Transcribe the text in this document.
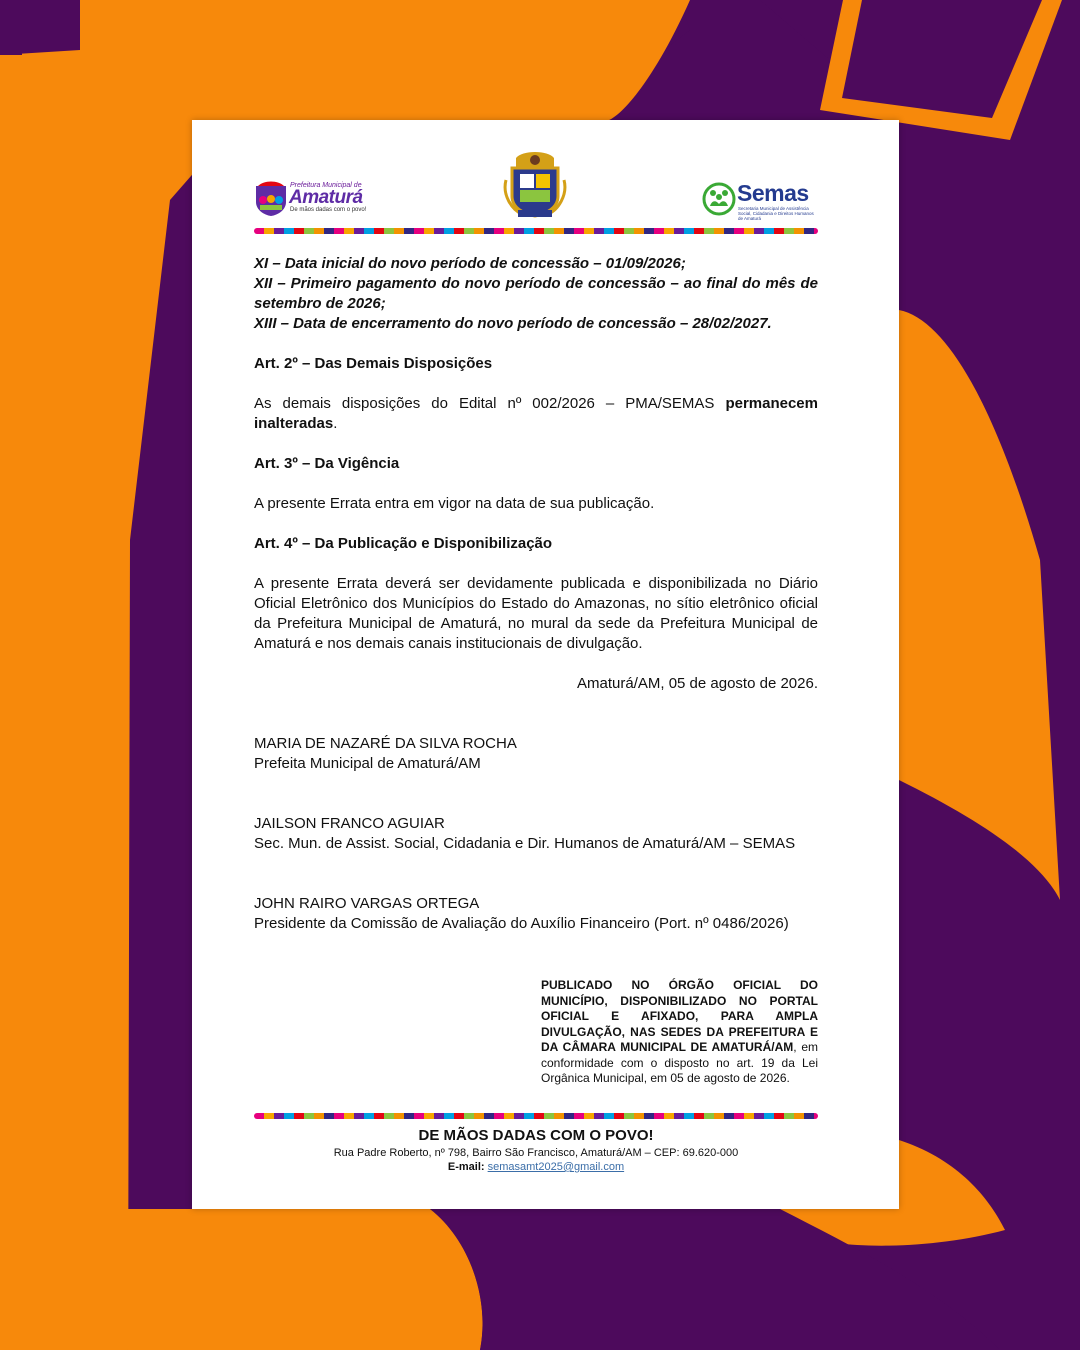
Prefeitura Municipal de
Amaturá
De mãos dadas com o povo!
Semas
Secretaria Municipal de Assistência Social, Cidadania e Direitos Humanos de Amaturá

XI – Data inicial do novo período de concessão – 01/09/2026;

XII – Primeiro pagamento do novo período de concessão – ao final do mês de setembro de 2026;

XIII – Data de encerramento do novo período de concessão – 28/02/2027.

Art. 2º – Das Demais Disposições

As demais disposições do Edital nº 002/2026 – PMA/SEMAS permanecem inalteradas.

Art. 3º – Da Vigência

A presente Errata entra em vigor na data de sua publicação.

Art. 4º – Da Publicação e Disponibilização

A presente Errata deverá ser devidamente publicada e disponibilizada no Diário Oficial Eletrônico dos Municípios do Estado do Amazonas, no sítio eletrônico oficial da Prefeitura Municipal de Amaturá, no mural da sede da Prefeitura Municipal de Amaturá e nos demais canais institucionais de divulgação.

Amaturá/AM, 05 de agosto de 2026.

MARIA DE NAZARÉ DA SILVA ROCHA

Prefeita Municipal de Amaturá/AM

JAILSON FRANCO AGUIAR

Sec. Mun. de Assist. Social, Cidadania e Dir. Humanos de Amaturá/AM – SEMAS

JOHN RAIRO VARGAS ORTEGA

Presidente da Comissão de Avaliação do Auxílio Financeiro (Port. nº 0486/2026)

PUBLICADO NO ÓRGÃO OFICIAL DO MUNICÍPIO, DISPONIBILIZADO NO PORTAL OFICIAL E AFIXADO, PARA AMPLA DIVULGAÇÃO, NAS SEDES DA PREFEITURA E DA CÂMARA MUNICIPAL DE AMATURÁ/AM, em conformidade com o disposto no art. 19 da Lei Orgânica Municipal, em 05 de agosto de 2026.
DE MÃOS DADAS COM O POVO!
Rua Padre Roberto, nº 798, Bairro São Francisco, Amaturá/AM – CEP: 69.620-000
E-mail: semasamt2025@gmail.com
